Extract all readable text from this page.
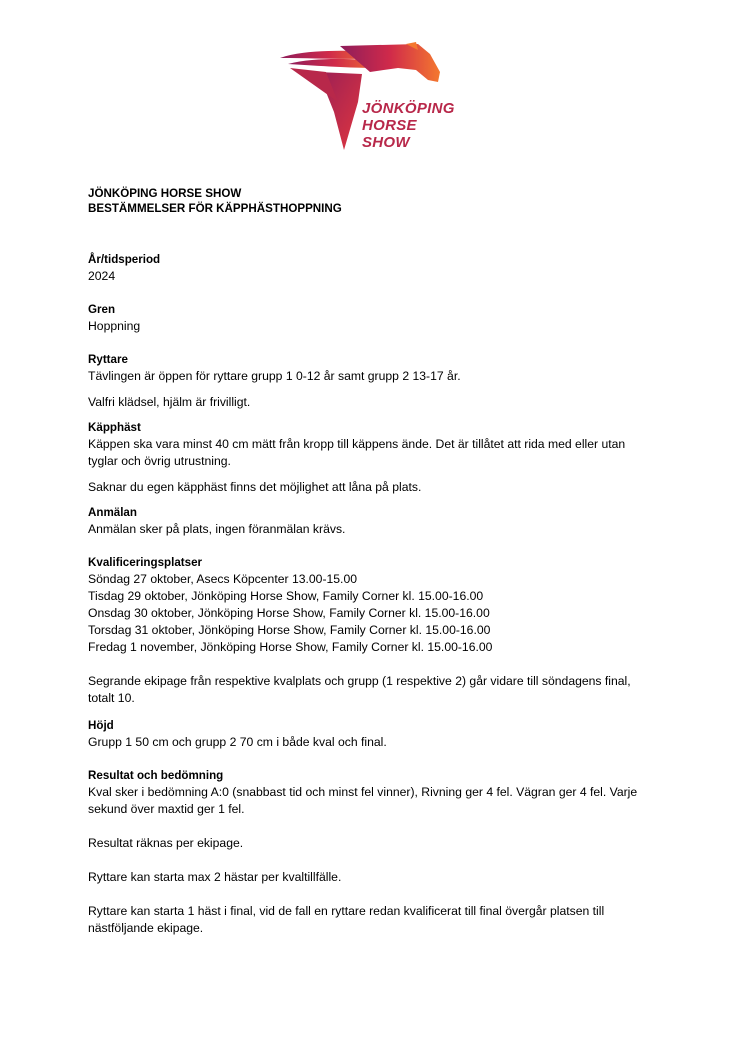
JÖNKÖPING
HORSE SHOW

JÖNKÖPING HORSE SHOW

BESTÄMMELSER FÖR KÄPPHÄSTHOPPNING

År/tidsperiod

2024

Gren

Hoppning

Ryttare

Tävlingen är öppen för ryttare grupp 1 0-12 år samt grupp 2 13-17 år.

Valfri klädsel, hjälm är frivilligt.

Käpphäst

Käppen ska vara minst 40 cm mätt från kropp till käppens ände. Det är tillåtet att rida med eller utan

tyglar och övrig utrustning.

Saknar du egen käpphäst finns det möjlighet att låna på plats.

Anmälan

Anmälan sker på plats, ingen föranmälan krävs.

Kvalificeringsplatser

Söndag 27 oktober, Asecs Köpcenter 13.00-15.00

Tisdag 29 oktober, Jönköping Horse Show, Family Corner kl. 15.00-16.00

Onsdag 30 oktober, Jönköping Horse Show, Family Corner kl. 15.00-16.00

Torsdag 31 oktober, Jönköping Horse Show, Family Corner kl. 15.00-16.00

Fredag 1 november, Jönköping Horse Show, Family Corner kl. 15.00-16.00

Segrande ekipage från respektive kvalplats och grupp (1 respektive 2) går vidare till söndagens final,

totalt 10.

Höjd

Grupp 1 50 cm och grupp 2 70 cm i både kval och final.

Resultat och bedömning

Kval sker i bedömning A:0 (snabbast tid och minst fel vinner), Rivning ger 4 fel. Vägran ger 4 fel. Varje

sekund över maxtid ger 1 fel.

Resultat räknas per ekipage.

Ryttare kan starta max 2 hästar per kvaltillfälle.

Ryttare kan starta 1 häst i final, vid de fall en ryttare redan kvalificerat till final övergår platsen till

nästföljande ekipage.
